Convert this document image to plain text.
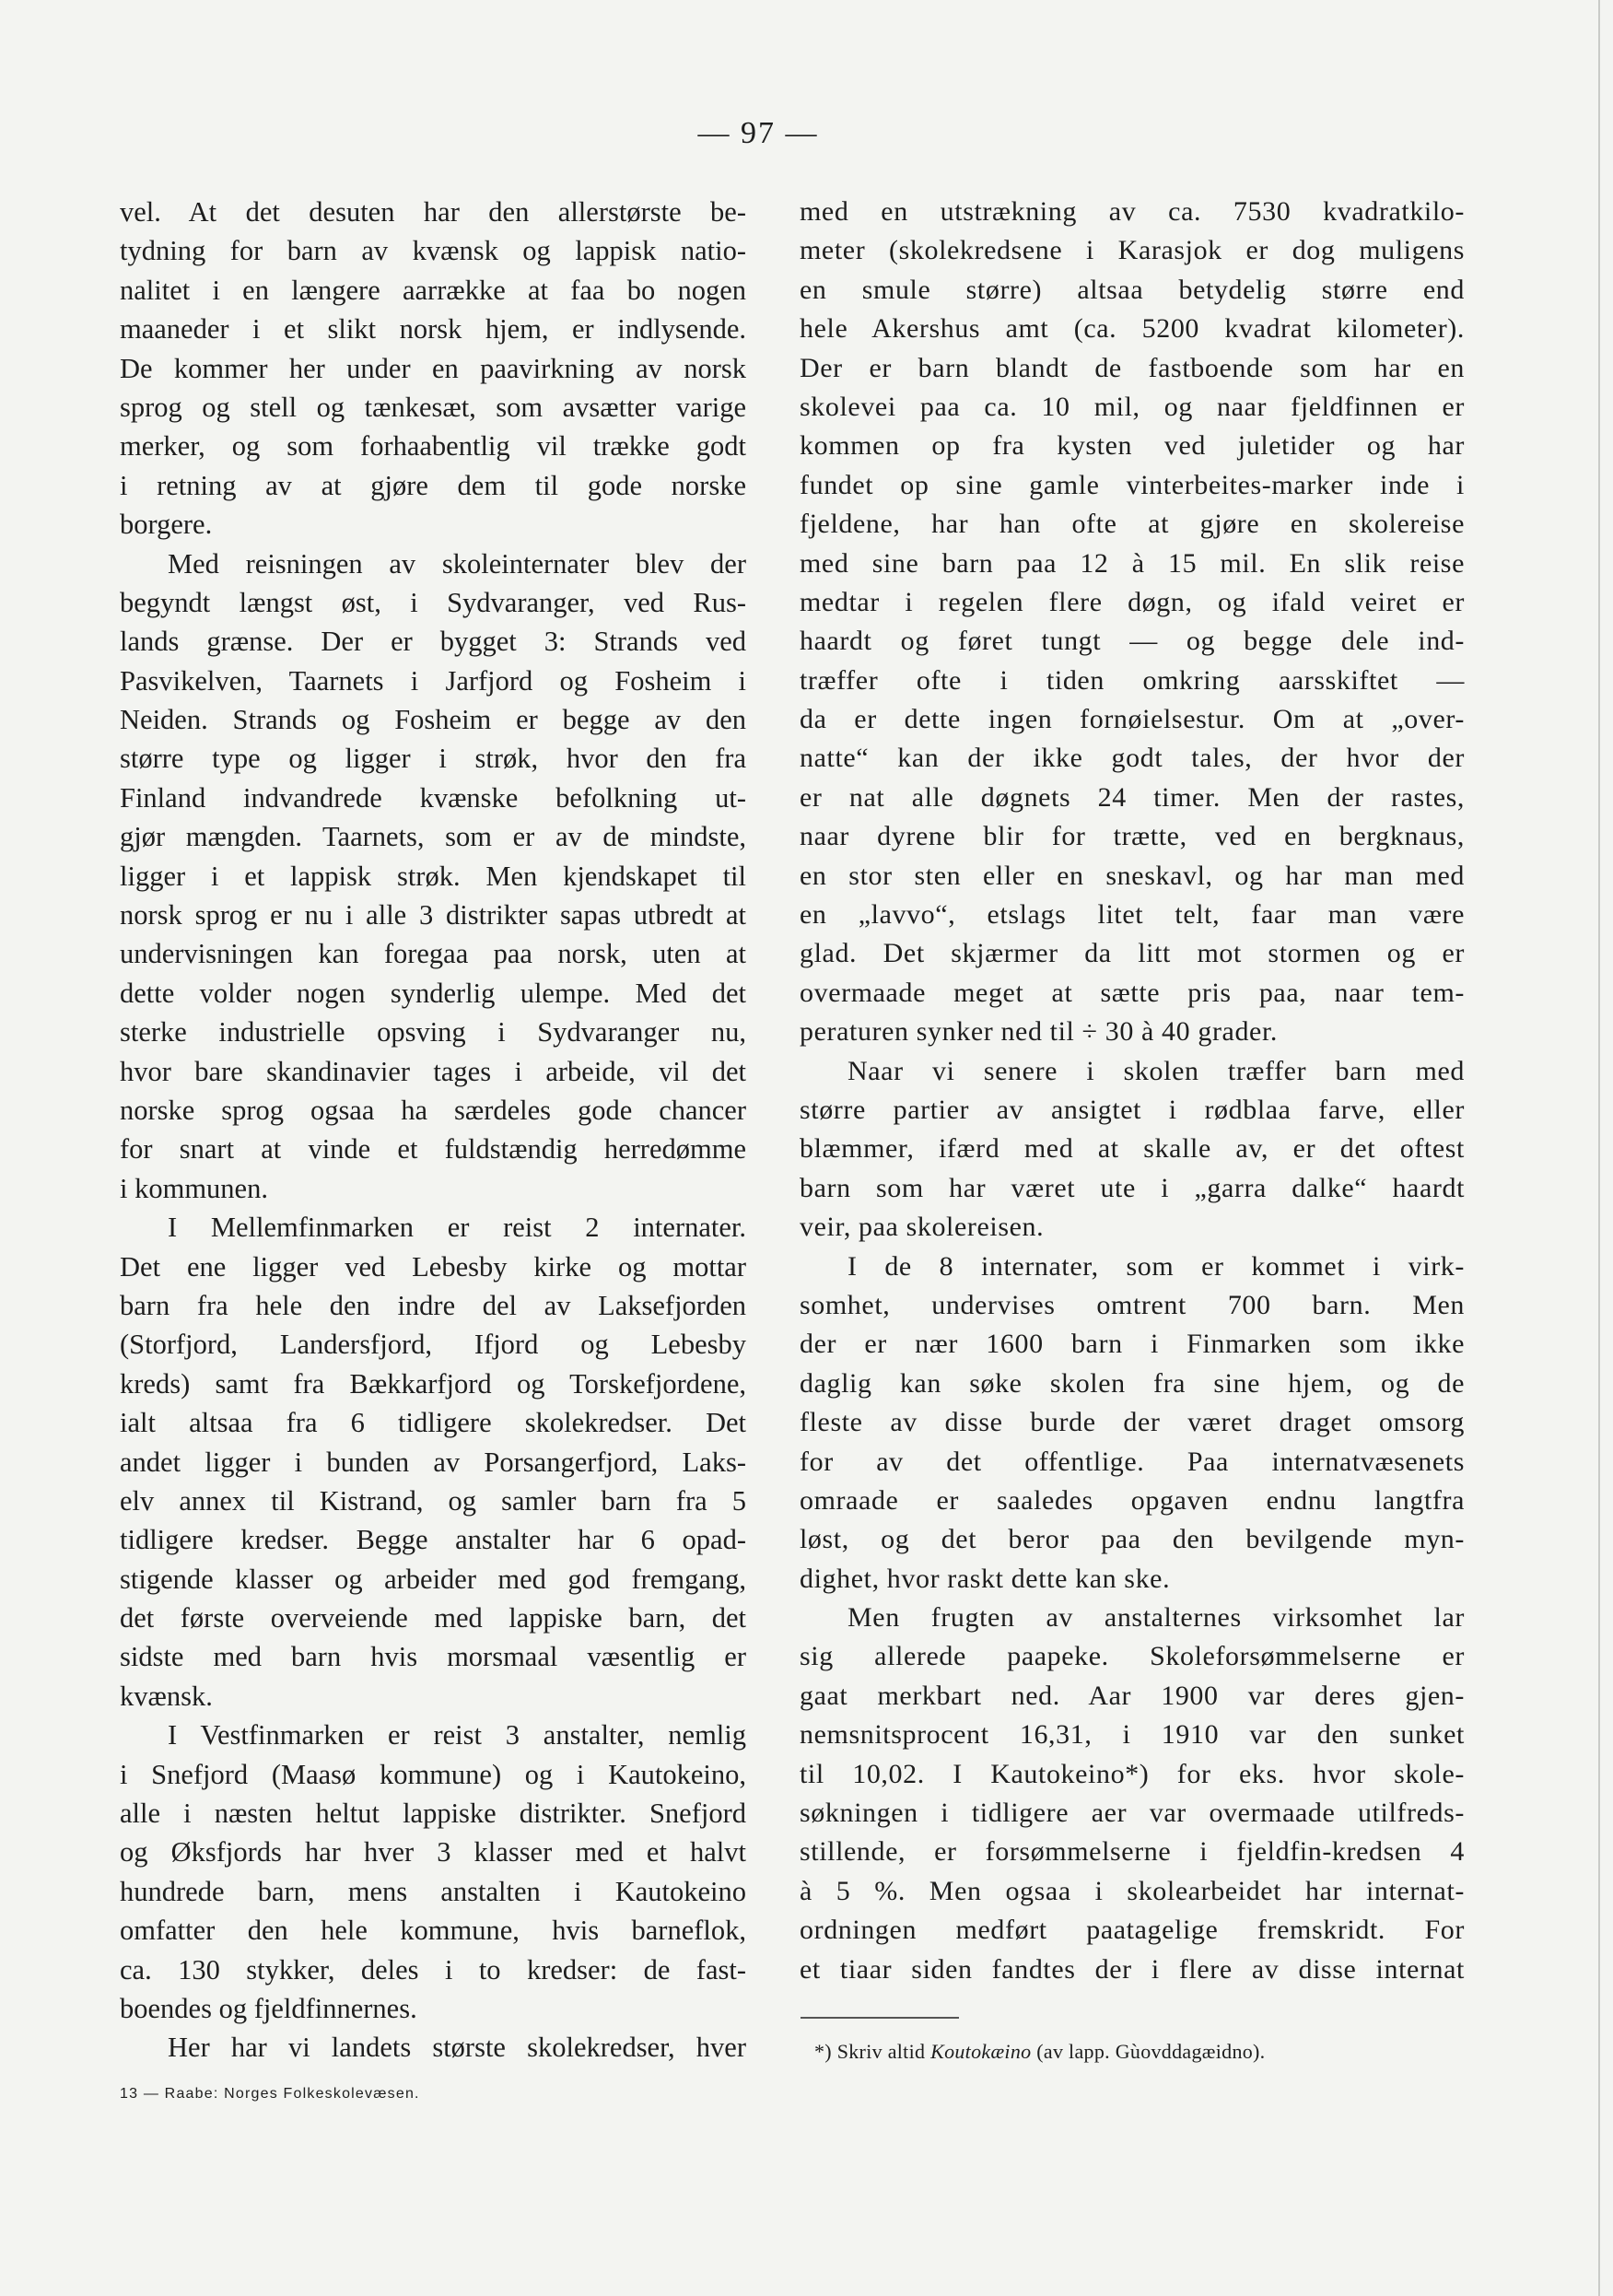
— 97 —
vel. At det desuten har den allerstørste be-
tydning for barn av kvænsk og lappisk natio-
nalitet i en længere aarrække at faa bo nogen
maaneder i et slikt norsk hjem, er indlysende.
De kommer her under en paavirkning av norsk
sprog og stell og tænkesæt, som avsætter varige
merker, og som forhaabentlig vil trække godt
i retning av at gjøre dem til gode norske
borgere.
Med reisningen av skoleinternater blev der
begyndt længst øst, i Sydvaranger, ved Rus-
lands grænse. Der er bygget 3: Strands ved
Pasvikelven, Taarnets i Jarfjord og Fosheim i
Neiden. Strands og Fosheim er begge av den
større type og ligger i strøk, hvor den fra
Finland indvandrede kvænske befolkning ut-
gjør mængden. Taarnets, som er av de mindste,
ligger i et lappisk strøk. Men kjendskapet til
norsk sprog er nu i alle 3 distrikter sapas utbredt at
undervisningen kan foregaa paa norsk, uten at
dette volder nogen synderlig ulempe. Med det
sterke industrielle opsving i Sydvaranger nu,
hvor bare skandinavier tages i arbeide, vil det
norske sprog ogsaa ha særdeles gode chancer
for snart at vinde et fuldstændig herredømme
i kommunen.
I Mellemfinmarken er reist 2 internater.
Det ene ligger ved Lebesby kirke og mottar
barn fra hele den indre del av Laksefjorden
(Storfjord, Landersfjord, Ifjord og Lebesby
kreds) samt fra Bækkarfjord og Torskefjordene,
ialt altsaa fra 6 tidligere skolekredser. Det
andet ligger i bunden av Porsangerfjord, Laks-
elv annex til Kistrand, og samler barn fra 5
tidligere kredser. Begge anstalter har 6 opad-
stigende klasser og arbeider med god fremgang,
det første overveiende med lappiske barn, det
sidste med barn hvis morsmaal væsentlig er
kvænsk.
I Vestfinmarken er reist 3 anstalter, nemlig
i Snefjord (Maasø kommune) og i Kautokeino,
alle i næsten heltut lappiske distrikter. Snefjord
og Øksfjords har hver 3 klasser med et halvt
hundrede barn, mens anstalten i Kautokeino
omfatter den hele kommune, hvis barneflok,
ca. 130 stykker, deles i to kredser: de fast-
boendes og fjeldfinnernes.
Her har vi landets største skolekredser, hver
med en utstrækning av ca. 7530 kvadratkilo-
meter (skolekredsene i Karasjok er dog muligens
en smule større) altsaa betydelig større end
hele Akershus amt (ca. 5200 kvadrat kilometer).
Der er barn blandt de fastboende som har en
skolevei paa ca. 10 mil, og naar fjeldfinnen er
kommen op fra kysten ved juletider og har
fundet op sine gamle vinterbeites-marker inde i
fjeldene, har han ofte at gjøre en skolereise
med sine barn paa 12 à 15 mil. En slik reise
medtar i regelen flere døgn, og ifald veiret er
haardt og føret tungt — og begge dele ind-
træffer ofte i tiden omkring aarsskiftet —
da er dette ingen fornøielsestur. Om at „over-
natte“ kan der ikke godt tales, der hvor der
er nat alle døgnets 24 timer. Men der rastes,
naar dyrene blir for trætte, ved en bergknaus,
en stor sten eller en sneskavl, og har man med
en „lavvo“, etslags litet telt, faar man være
glad. Det skjærmer da litt mot stormen og er
overmaade meget at sætte pris paa, naar tem-
peraturen synker ned til ÷ 30 à 40 grader.
Naar vi senere i skolen træffer barn med
større partier av ansigtet i rødblaa farve, eller
blæmmer, ifærd med at skalle av, er det oftest
barn som har været ute i „garra dalke“ haardt
veir, paa skolereisen.
I de 8 internater, som er kommet i virk-
somhet, undervises omtrent 700 barn. Men
der er nær 1600 barn i Finmarken som ikke
daglig kan søke skolen fra sine hjem, og de
fleste av disse burde der været draget omsorg
for av det offentlige. Paa internatvæsenets
omraade er saaledes opgaven endnu langtfra
løst, og det beror paa den bevilgende myn-
dighet, hvor raskt dette kan ske.
Men frugten av anstalternes virksomhet lar
sig allerede paapeke. Skoleforsømmelserne er
gaat merkbart ned. Aar 1900 var deres gjen-
nemsnitsprocent 16,31, i 1910 var den sunket
til 10,02. I Kautokeino*) for eks. hvor skole-
søkningen i tidligere aer var overmaade utilfreds-
stillende, er forsømmelserne i fjeldfin-kredsen 4
à 5 %. Men ogsaa i skolearbeidet har internat-
ordningen medført paatagelige fremskridt. For
et tiaar siden fandtes der i flere av disse internat
*) Skriv altid Koutokæino (av lapp. Gùovddagæidno).
13 — Raabe: Norges Folkeskolevæsen.
